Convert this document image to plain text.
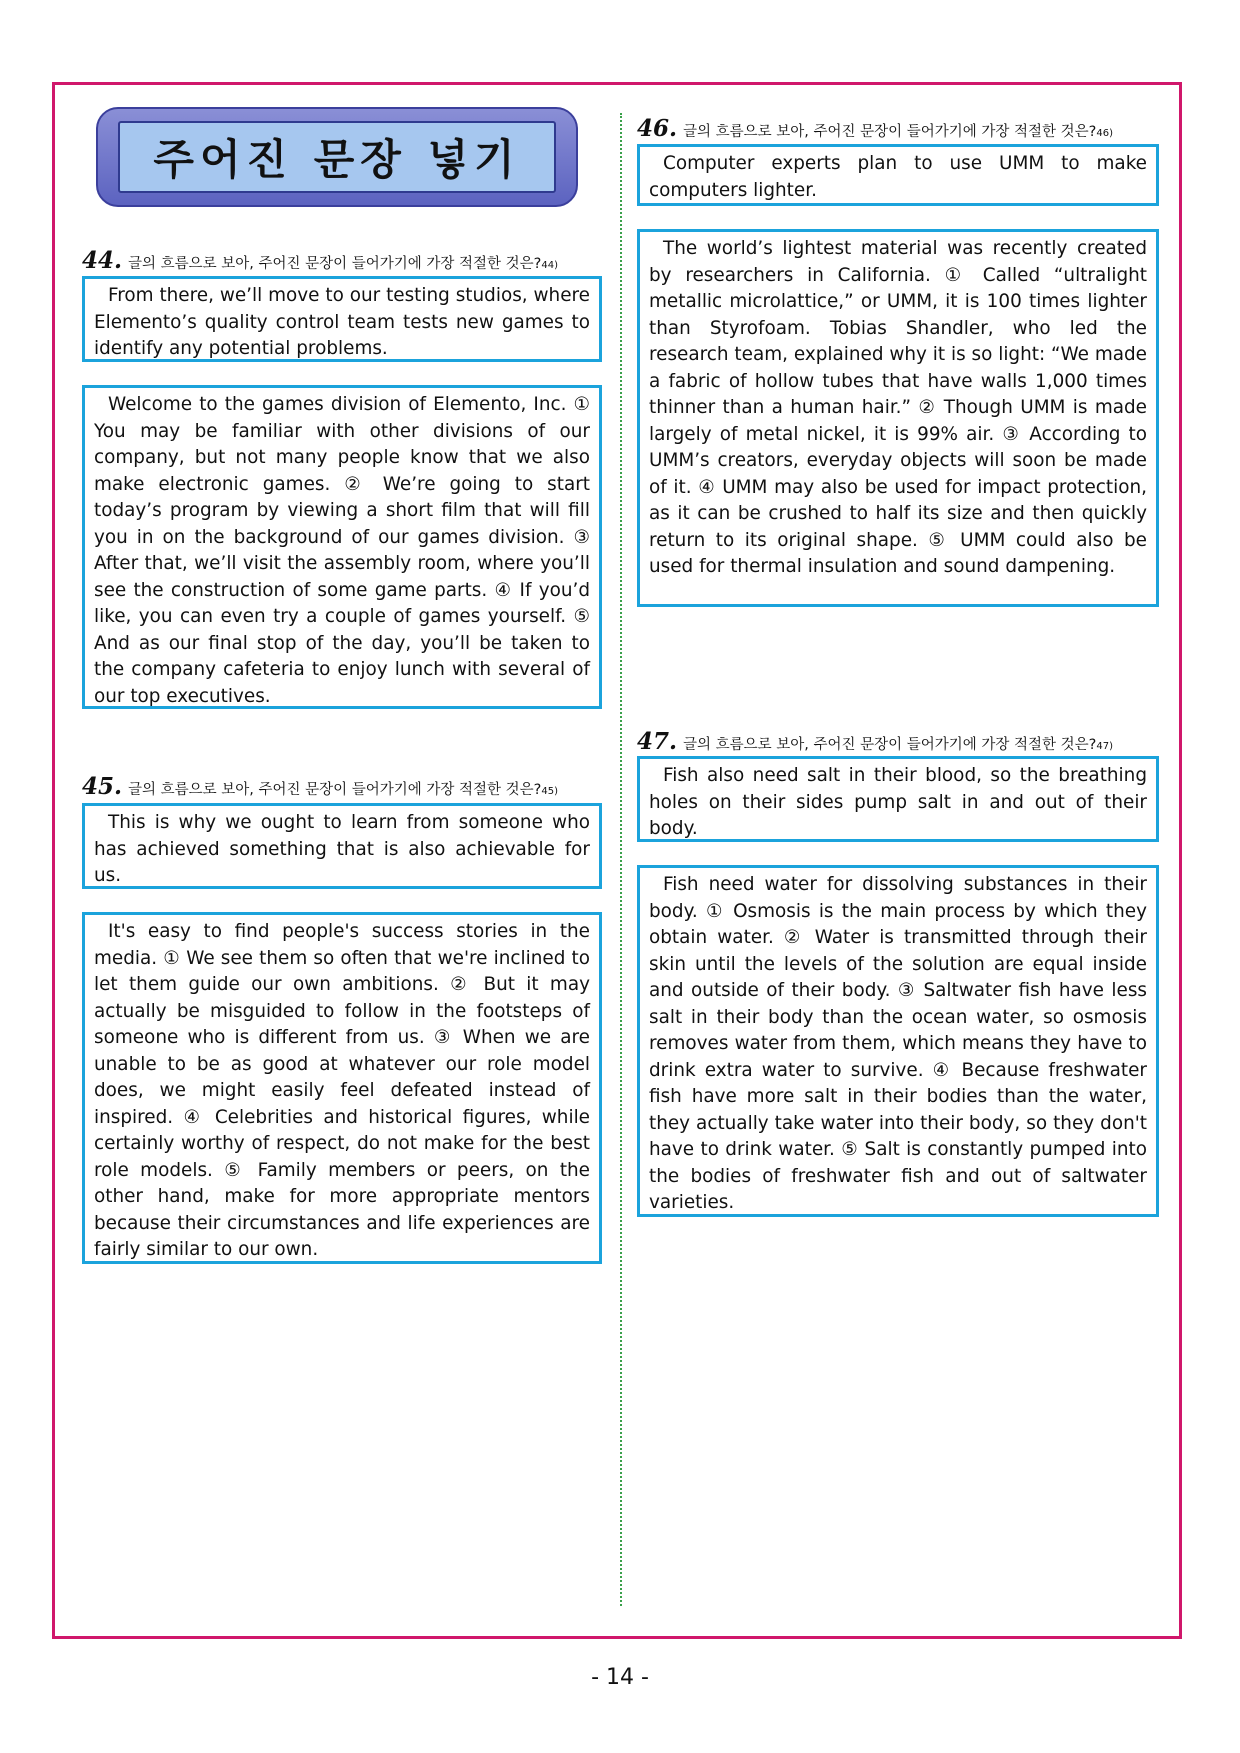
주어진 문장 넣기
44. 글의 흐름으로 보아, 주어진 문장이 들어가기에 가장 적절한 것은? 44)
From there, we’ll move to our testing studios, where Elemento’s quality control team tests new games to identify any potential problems.
Welcome to the games division of Elemento, Inc. ① You may be familiar with other divisions of our company, but not many people know that we also make electronic games. ② We’re going to start today’s program by viewing a short film that will fill you in on the background of our games division. ③ After that, we’ll visit the assembly room, where you’ll see the construction of some game parts. ④ If you’d like, you can even try a couple of games yourself. ⑤ And as our final stop of the day, you’ll be taken to the company cafeteria to enjoy lunch with several of our top executives.
45. 글의 흐름으로 보아, 주어진 문장이 들어가기에 가장 적절한 것은? 45)
This is why we ought to learn from someone who has achieved something that is also achievable for us.
It's easy to find people's success stories in the media. ① We see them so often that we're inclined to let them guide our own ambitions. ② But it may actually be misguided to follow in the footsteps of someone who is different from us. ③ When we are unable to be as good at whatever our role model does, we might easily feel defeated instead of inspired. ④ Celebrities and historical figures, while certainly worthy of respect, do not make for the best role models. ⑤ Family members or peers, on the other hand, make for more appropriate mentors because their circumstances and life experiences are fairly similar to our own.
46. 글의 흐름으로 보아, 주어진 문장이 들어가기에 가장 적절한 것은? 46)
Computer experts plan to use UMM to make computers lighter.
The world’s lightest material was recently created by researchers in California. ① Called “ultralight metallic microlattice,” or UMM, it is 100 times lighter than Styrofoam. Tobias Shandler, who led the research team, explained why it is so light: “We made a fabric of hollow tubes that have walls 1,000 times thinner than a human hair.” ② Though UMM is made largely of metal nickel, it is 99% air. ③ According to UMM’s creators, everyday objects will soon be made of it. ④ UMM may also be used for impact protection, as it can be crushed to half its size and then quickly return to its original shape. ⑤ UMM could also be used for thermal insulation and sound dampening.
47. 글의 흐름으로 보아, 주어진 문장이 들어가기에 가장 적절한 것은? 47)
Fish also need salt in their blood, so the breathing holes on their sides pump salt in and out of their body.
Fish need water for dissolving substances in their body. ① Osmosis is the main process by which they obtain water. ② Water is transmitted through their skin until the levels of the solution are equal inside and outside of their body. ③ Saltwater fish have less salt in their body than the ocean water, so osmosis removes water from them, which means they have to drink extra water to survive. ④ Because freshwater fish have more salt in their bodies than the water, they actually take water into their body, so they don't have to drink water. ⑤ Salt is constantly pumped into the bodies of freshwater fish and out of saltwater varieties.
- 14 -
